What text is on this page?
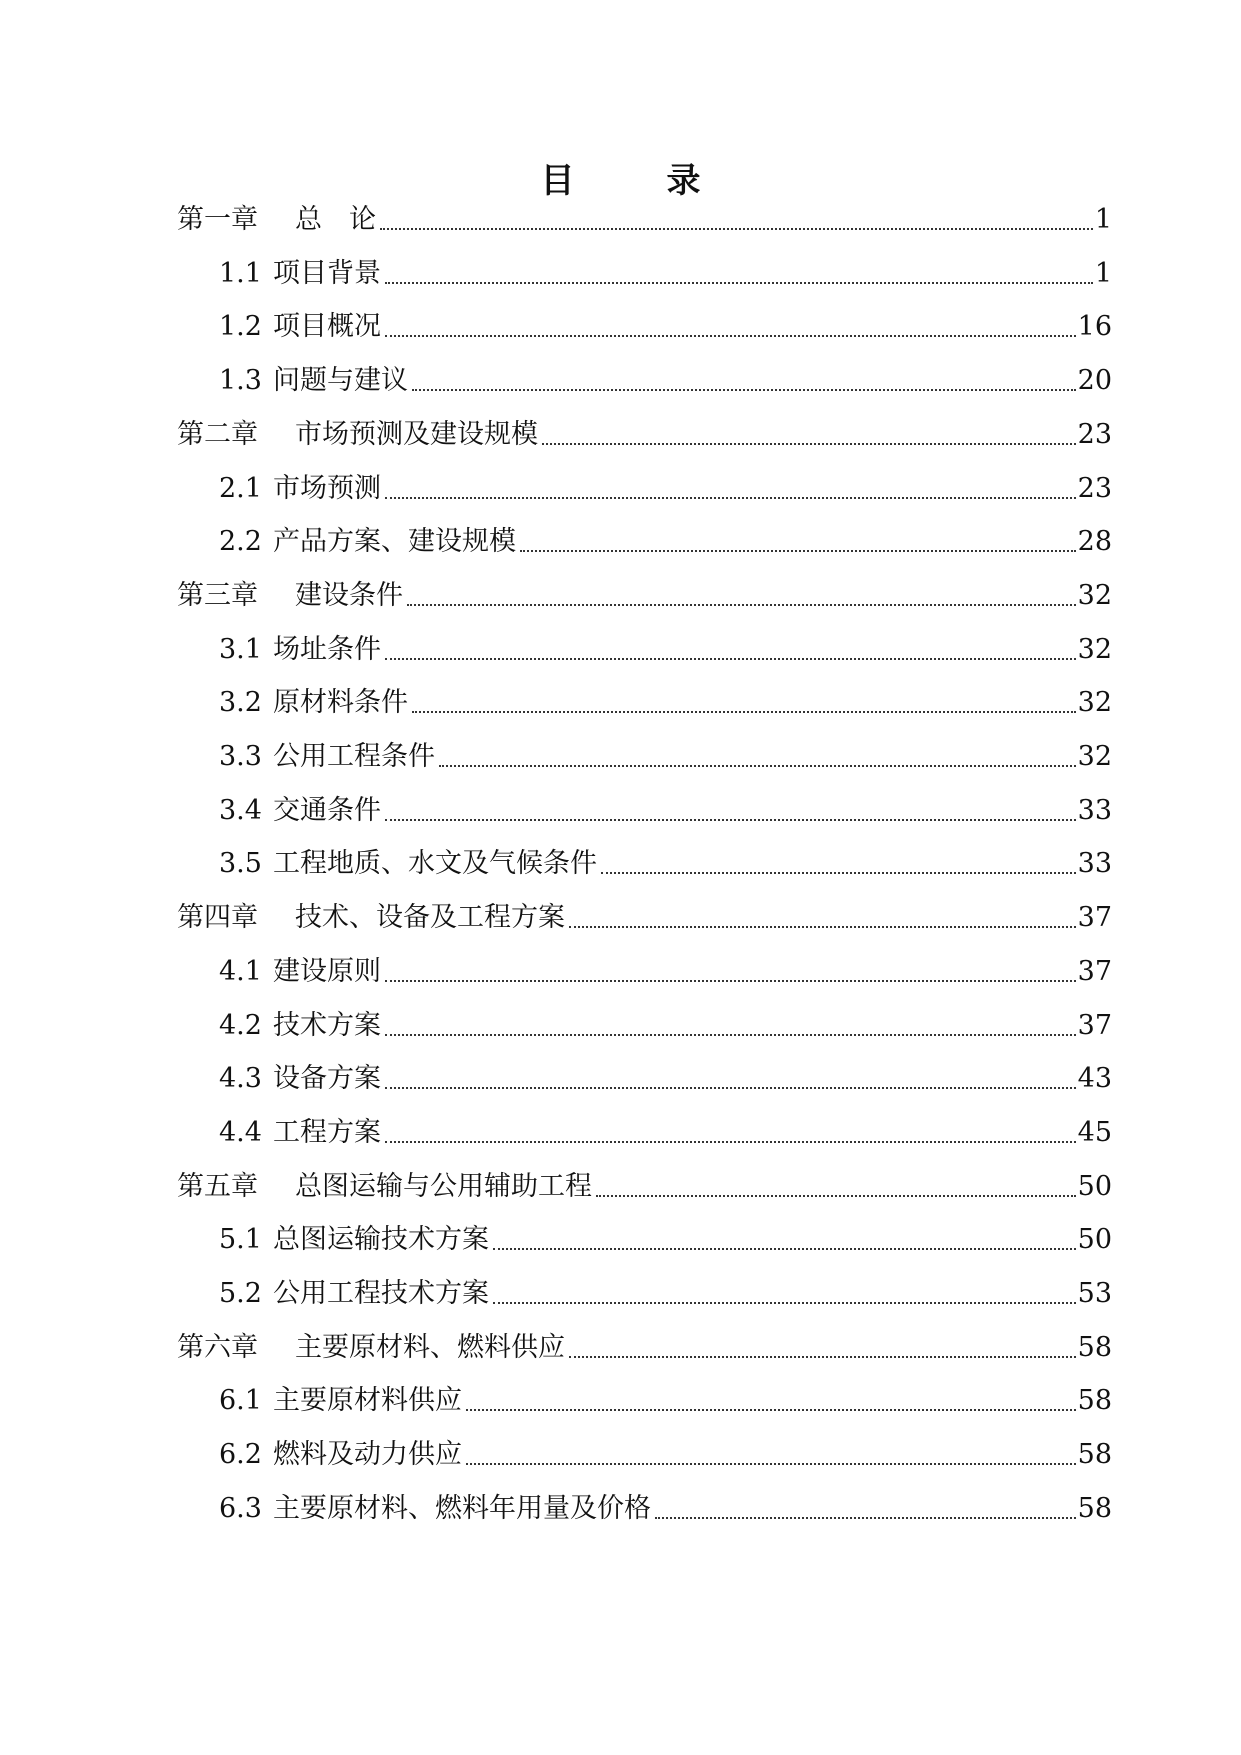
目	录
第一章	总　论	1
1.1 项目背景	1
1.2 项目概况	16
1.3 问题与建议	20
第二章	市场预测及建设规模	23
2.1 市场预测	23
2.2 产品方案、建设规模	28
第三章	建设条件	32
3.1 场址条件	32
3.2 原材料条件	32
3.3 公用工程条件	32
3.4 交通条件	33
3.5 工程地质、水文及气候条件	33
第四章	技术、设备及工程方案	37
4.1 建设原则	37
4.2 技术方案	37
4.3 设备方案	43
4.4 工程方案	45
第五章	总图运输与公用辅助工程	50
5.1 总图运输技术方案	50
5.2 公用工程技术方案	53
第六章	主要原材料、燃料供应	58
6.1 主要原材料供应	58
6.2 燃料及动力供应	58
6.3 主要原材料、燃料年用量及价格	58
